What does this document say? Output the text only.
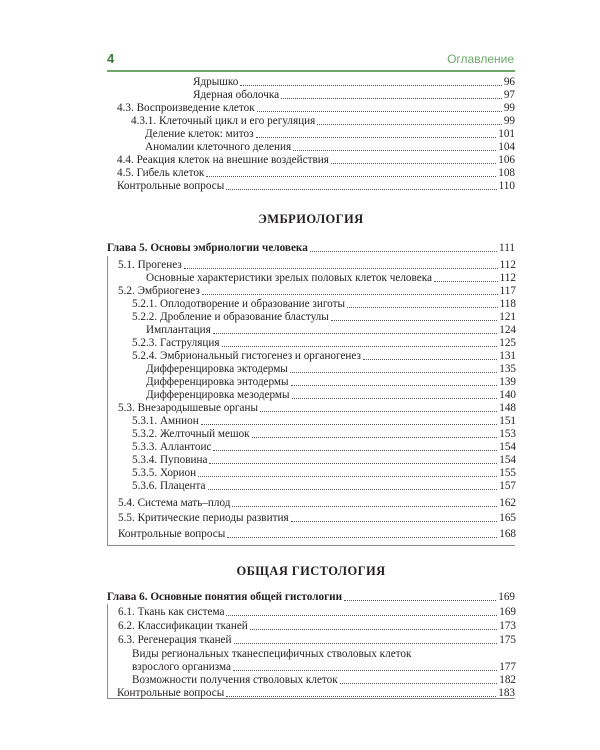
4	Оглавление
Ядрышко	96
Ядерная оболочка	97
4.3. Воспроизведение клеток	99
4.3.1. Клеточный цикл и его регуляция	99
Деление клеток: митоз	101
Аномалии клеточного деления	104
4.4. Реакция клеток на внешние воздействия	106
4.5. Гибель клеток	108
Контрольные вопросы	110
ЭМБРИОЛОГИЯ
Глава 5. Основы эмбриологии человека	111
5.1. Прогенез	112
Основные характеристики зрелых половых клеток человека	112
5.2. Эмбриогенез	117
5.2.1. Оплодотворение и образование зиготы	118
5.2.2. Дробление и образование бластулы	121
Имплантация	124
5.2.3. Гаструляция	125
5.2.4. Эмбриональный гистогенез и органогенез	131
Дифференцировка эктодермы	135
Дифференцировка энтодермы	139
Дифференцировка мезодермы	140
5.3. Внезародышевые органы	148
5.3.1. Амнион	151
5.3.2. Желточный мешок	153
5.3.3. Аллантоис	154
5.3.4. Пуповина	154
5.3.5. Хорион	155
5.3.6. Плацента	157
5.4. Система мать–плод	162
5.5. Критические периоды развития	165
Контрольные вопросы	168
ОБЩАЯ ГИСТОЛОГИЯ
Глава 6. Основные понятия общей гистологии	169
6.1. Ткань как система	169
6.2. Классификации тканей	173
6.3. Регенерация тканей	175
Виды региональных тканеспецифичных стволовых клеток
взрослого организма	177
Возможности получения стволовых клеток	182
Контрольные вопросы	183
